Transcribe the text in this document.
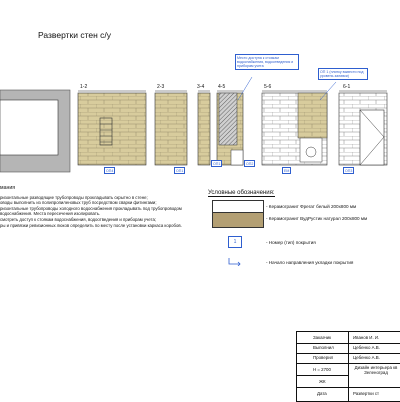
Развертки стен с/у
1-2	2-3	3-4	4-5	5-6	6-1
Место доступа к стоякам водоснабжения, водоотведения и приборам учета
ОП 1 (плитку вывести под уровень заливки)
ОП4	ОП1
ОП1	ОП2
ЕМ	ОП3
мания
ризонтальные разводящие трубопроводы прокладывать скрытно в стене;
оводы выполнить из полипропиленовых труб посредством сварки фитингами;
ризонтальные трубопроводы холодного водоснабжения прокладывать под трубопроводом
водоснабжения. Места пересечения изолировать.
смотреть доступ к стоякам водоснабжения, водоотведения и приборам учета;
ры и привязки ревизионных люков определить по месту после установки каркаса коробов.
Условные обозначения:
- Керамогранит Фрегат белый 200х800 мм
- Керамогранит ВудРустик натурал 200х800 мм
1	- Номер (тип) покрытия
- Начало направления укладки покрытия
Заказчик	Иванов И. И.
Выполнил	Цебенко А.В.
Проверил	Цебенко А.В.
Н = 2700
ЖК
Дата
Дизайн интерьера кв Зеленоград
Развертки ст
